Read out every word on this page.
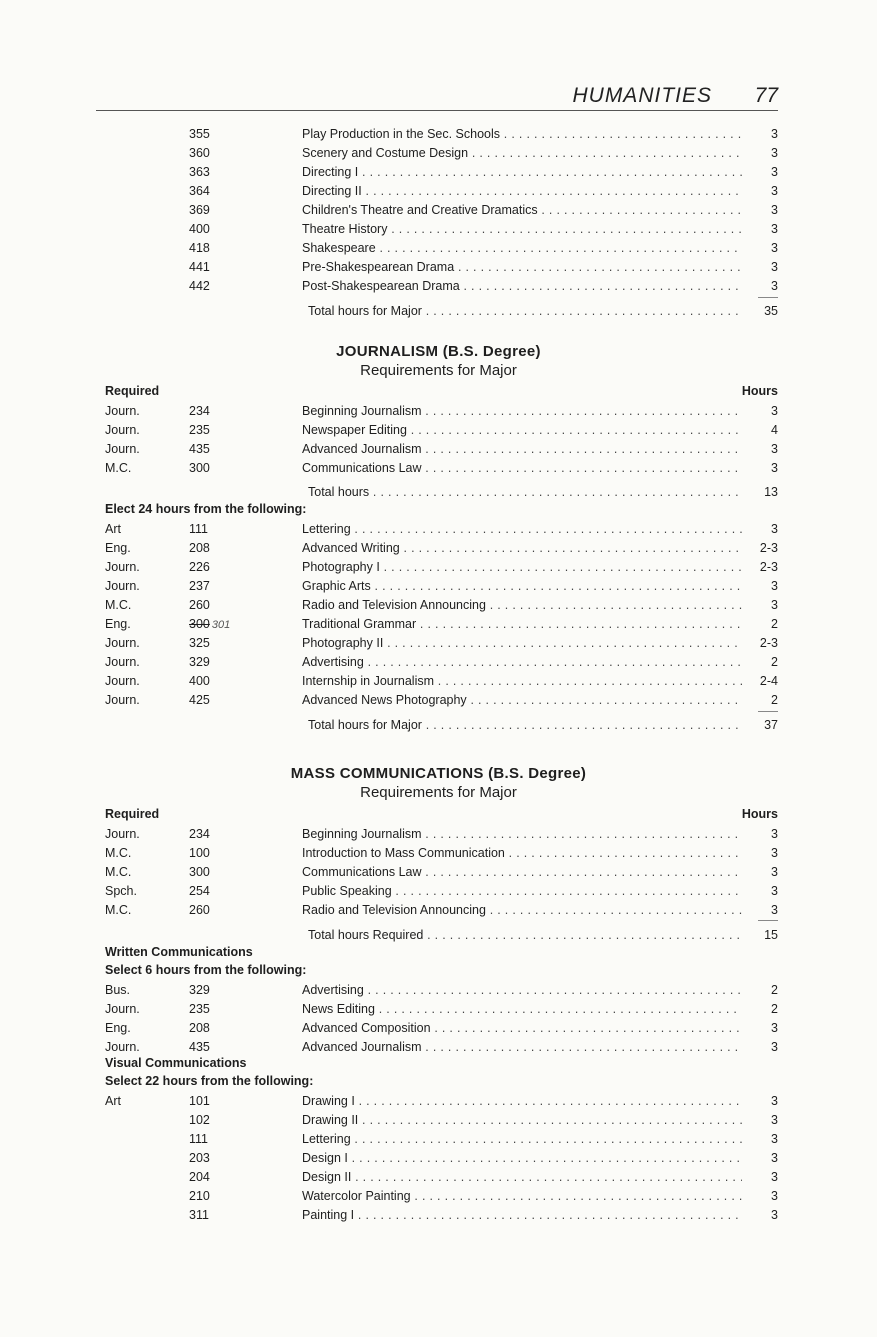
HUMANITIES 77
355	Play Production in the Sec. Schools . . .	3
360	Scenery and Costume Design . . .	3
363	Directing I . . .	3
364	Directing II . . .	3
369	Children's Theatre and Creative Dramatics . . .	3
400	Theatre History . . .	3
418	Shakespeare . . .	3
441	Pre-Shakespearean Drama . . .	3
442	Post-Shakespearean Drama . . .	3
Total hours for Major . . .	35
JOURNALISM (B.S. Degree)
Requirements for Major
Required	Hours
Journ.	234	Beginning Journalism . . .	3
Journ.	235	Newspaper Editing . . .	4
Journ.	435	Advanced Journalism . . .	3
M.C.	300	Communications Law . . .	3
Total hours . . .	13
Elect 24 hours from the following:
Art	111	Lettering . . .	3
Eng.	208	Advanced Writing . . .	2-3
Journ.	226	Photography I . . .	2-3
Journ.	237	Graphic Arts . . .	3
M.C.	260	Radio and Television Announcing . . .	3
Eng.	300 301	Traditional Grammar . . .	2
Journ.	325	Photography II . . .	2-3
Journ.	329	Advertising . . .	2
Journ.	400	Internship in Journalism . . .	2-4
Journ.	425	Advanced News Photography . . .	2
Total hours for Major . . .	37
MASS COMMUNICATIONS (B.S. Degree)
Requirements for Major
Required	Hours
Journ.	234	Beginning Journalism . . .	3
M.C.	100	Introduction to Mass Communication . . .	3
M.C.	300	Communications Law . . .	3
Spch.	254	Public Speaking . . .	3
M.C.	260	Radio and Television Announcing . . .	3
Total hours Required . . .	15
Written Communications
Select 6 hours from the following:
Bus.	329	Advertising . . .	2
Journ.	235	News Editing . . .	2
Eng.	208	Advanced Composition . . .	3
Journ.	435	Advanced Journalism . . .	3
Visual Communications
Select 22 hours from the following:
Art	101	Drawing I . . .	3
102	Drawing II . . .	3
111	Lettering . . .	3
203	Design I . . .	3
204	Design II . . .	3
210	Watercolor Painting . . .	3
311	Painting I . . .	3
